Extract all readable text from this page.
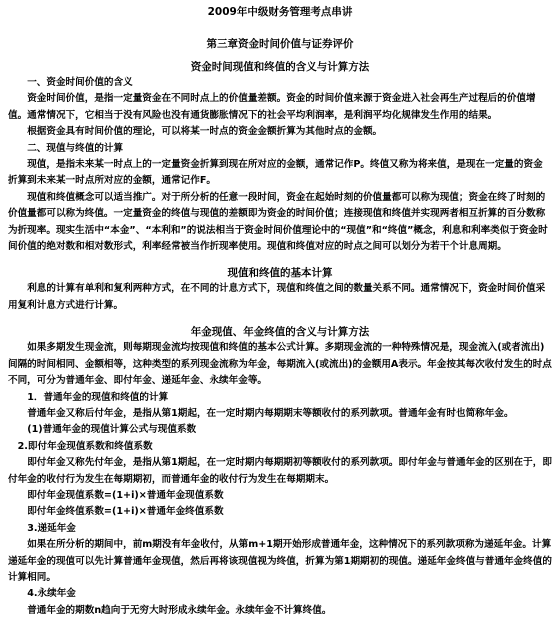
2009年中级财务管理考点串讲
第三章资金时间价值与证券评价
资金时间现值和终值的含义与计算方法

一、资金时间价值的含义

资金时间价值，是指一定量资金在不同时点上的价值量差额。资金的时间价值来源于资金进入社会再生产过程后的价值增值。通常情况下，它相当于没有风险也没有通货膨胀情况下的社会平均利润率，是利润平均化规律发生作用的结果。

根据资金具有时间价值的理论，可以将某一时点的资金金额折算为其他时点的金额。

二、现值与终值的计算

现值，是指未来某一时点上的一定量资金折算到现在所对应的金额，通常记作P。终值又称为将来值，是现在一定量的资金折算到未来某一时点所对应的金额，通常记作F。

现值和终值概念可以适当推广。对于所分析的任意一段时间，资金在起始时刻的价值量都可以称为现值；资金在终了时刻的价值量都可以称为终值。一定量资金的终值与现值的差额即为资金的时间价值；连接现值和终值并实现两者相互折算的百分数称为折现率。现实生活中“本金”、“本利和”的说法相当于资金时间价值理论中的“现值”和“终值”概念，利息和利率类似于资金时间价值的绝对数和相对数形式，利率经常被当作折现率使用。现值和终值对应的时点之间可以划分为若干个计息周期。

现值和终值的基本计算

利息的计算有单利和复利两种方式，在不同的计息方式下，现值和终值之间的数量关系不同。通常情况下，资金时间价值采用复利计息方式进行计算。

年金现值、年金终值的含义与计算方法

如果多期发生现金流，则每期现金流均按现值和终值的基本公式计算。多期现金流的一种特殊情况是，现金流入(或者流出)间隔的时间相同、金额相等，这种类型的系列现金流称为年金，每期流入(或流出)的金额用A表示。年金按其每次收付发生的时点不同，可分为普通年金、即付年金、递延年金、永续年金等。

1．普通年金的现值和终值的计算

普通年金又称后付年金，是指从第1期起，在一定时期内每期期末等额收付的系列款项。普通年金有时也简称年金。

(1)普通年金的现值计算公式与现值系数

2.即付年金现值系数和终值系数

即付年金又称先付年金，是指从第1期起，在一定时期内每期期初等额收付的系列款项。即付年金与普通年金的区别在于，即付年金的收付行为发生在每期期初，而普通年金的收付行为发生在每期期末。

即付年金现值系数=(1+i)×普通年金现值系数

即付年金终值系数=(1+i)×普通年金终值系数

3.递延年金

如果在所分析的期间中，前m期没有年金收付，从第m+1期开始形成普通年金，这种情况下的系列款项称为递延年金。计算递延年金的现值可以先计算普通年金现值，然后再将该现值视为终值，折算为第1期期初的现值。递延年金终值与普通年金终值的计算相同。

4.永续年金

普通年金的期数n趋向于无穷大时形成永续年金。永续年金不计算终值。
